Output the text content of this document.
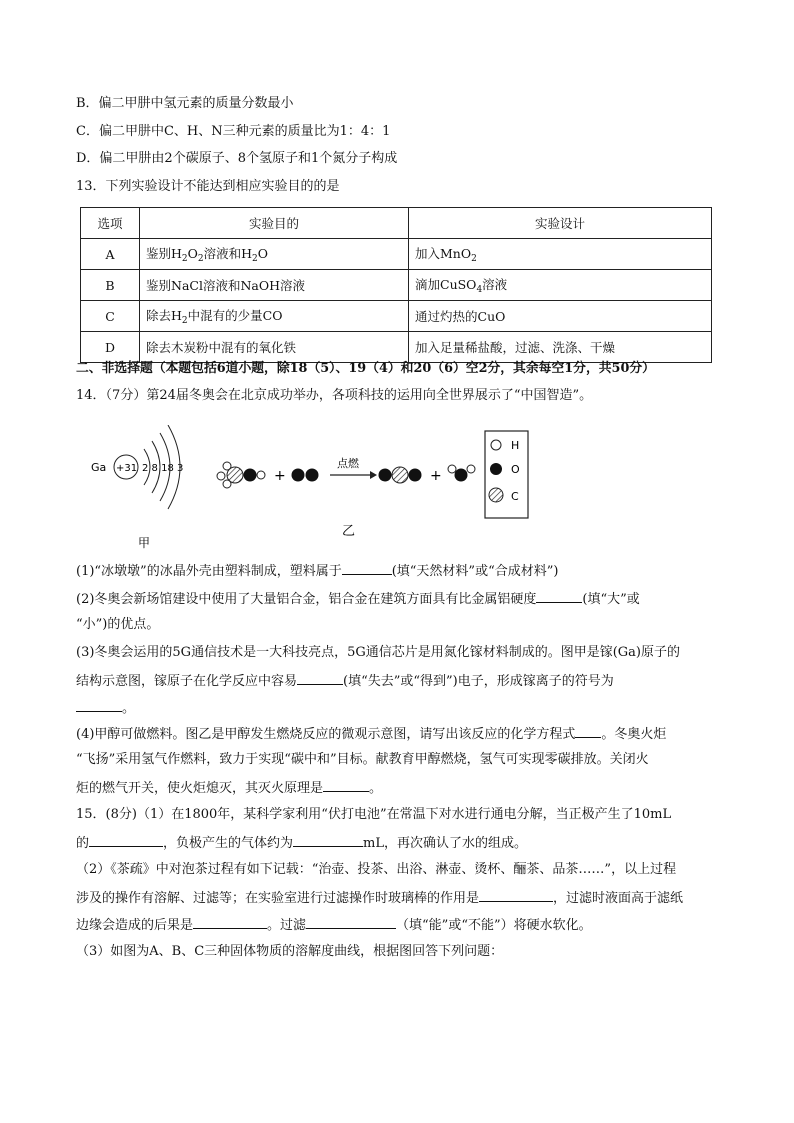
B．偏二甲肼中氢元素的质量分数最小
C．偏二甲肼中C、H、N三种元素的质量比为1：4：1
D．偏二甲肼由2个碳原子、8个氢原子和1个氮分子构成
13．下列实验设计不能达到相应实验目的的是
选项	实验目的	实验设计
A	鉴别$H_2O_2$溶液和$H_2O$	加入MnO$_2$
B	鉴别NaCl溶液和NaOH溶液	滴加CuSO$_4$溶液
C	除去$H_2$中混有的少量CO	通过灼热的CuO
D	除去木炭粉中混有的氧化铁	加入足量稀盐酸，过滤、洗涤、干燥
二、非选择题（本题包括6道小题，除18（5）、19（4）和20（6）空2分，其余每空1分，共50分）
14．（7分）第24届冬奥会在北京成功举办，各项科技的运用向全世界展示了“中国智造”。
Ga +31 2 8 18 3
甲
+
点燃
+
乙
H
O
C
(1)“冰墩墩”的冰晶外壳由塑料制成，塑料属于	(填“天然材料”或“合成材料”)
(2)冬奥会新场馆建设中使用了大量铝合金，铝合金在建筑方面具有比金属铝硬度	(填“大”或
“小”)的优点。
(3)冬奥会运用的5G通信技术是一大科技亮点，5G通信芯片是用氮化镓材料制成的。图甲是镓(Ga)原子的
结构示意图，镓原子在化学反应中容易	(填“失去”或“得到”)电子，形成镓离子的符号为
。
(4)甲醇可做燃料。图乙是甲醇发生燃烧反应的微观示意图，请写出该反应的化学方程式 。冬奥火炬
“飞扬”采用氢气作燃料，致力于实现“碳中和”目标。献教育甲醇燃烧，氢气可实现零碳排放。关闭火
炬的燃气开关，使火炬熄灭，其灭火原理是	。
15．(8分)（1）在1800年，某科学家利用“伏打电池”在常温下对水进行通电分解，当正极产生了10mL
的	，负极产生的气体约为	mL，再次确认了水的组成。
（2）《茶疏》中对泡茶过程有如下记载：“治壶、投茶、出浴、淋壶、烫杯、酾茶、品茶……”，以上过程
涉及的操作有溶解、过滤等；在实验室进行过滤操作时玻璃棒的作用是	，过滤时液面高于滤纸
边缘会造成的后果是	。过滤	（填“能”或“不能”）将硬水软化。
（3）如图为A、B、C三种固体物质的溶解度曲线，根据图回答下列问题：
